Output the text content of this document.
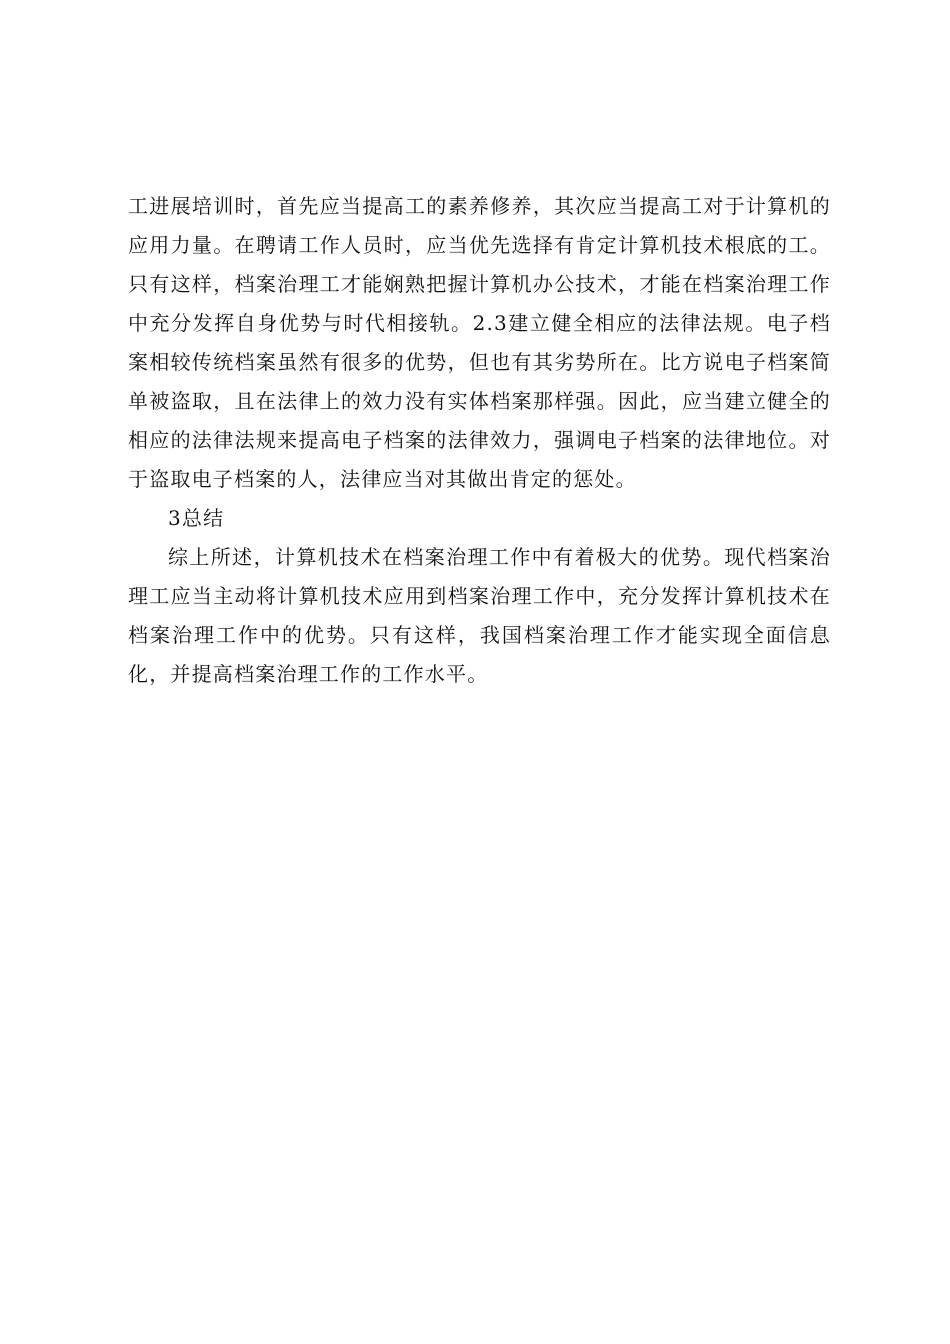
工进展培训时，首先应当提高工的素养修养，其次应当提高工对于计算机的应用力量。在聘请工作人员时，应当优先选择有肯定计算机技术根底的工。只有这样，档案治理工才能娴熟把握计算机办公技术，才能在档案治理工作中充分发挥自身优势与时代相接轨。2.3建立健全相应的法律法规。电子档案相较传统档案虽然有很多的优势，但也有其劣势所在。比方说电子档案简单被盗取，且在法律上的效力没有实体档案那样强。因此，应当建立健全的相应的法律法规来提高电子档案的法律效力，强调电子档案的法律地位。对于盗取电子档案的人，法律应当对其做出肯定的惩处。

3总结

综上所述，计算机技术在档案治理工作中有着极大的优势。现代档案治理工应当主动将计算机技术应用到档案治理工作中，充分发挥计算机技术在档案治理工作中的优势。只有这样，我国档案治理工作才能实现全面信息化，并提高档案治理工作的工作水平。
